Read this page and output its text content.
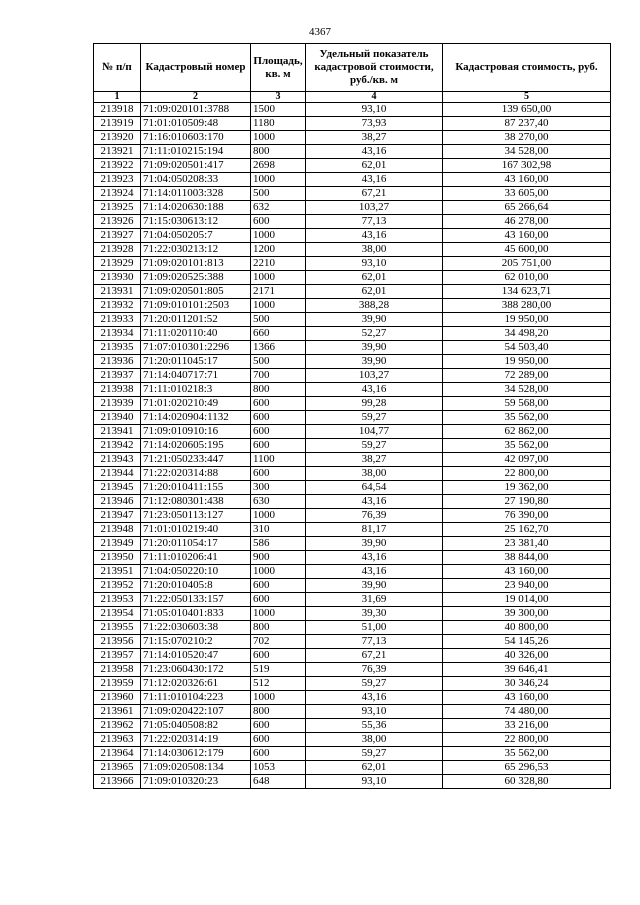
4367
№ п/п	Кадастровый номер	Площадь, кв. м	Удельный показатель кадастровой стоимости, руб./кв. м	Кадастровая стоимость, руб.
1	2	3	4	5
213918	71:09:020101:3788	1500	93,10	139 650,00
213919	71:01:010509:48	1180	73,93	87 237,40
213920	71:16:010603:170	1000	38,27	38 270,00
213921	71:11:010215:194	800	43,16	34 528,00
213922	71:09:020501:417	2698	62,01	167 302,98
213923	71:04:050208:33	1000	43,16	43 160,00
213924	71:14:011003:328	500	67,21	33 605,00
213925	71:14:020630:188	632	103,27	65 266,64
213926	71:15:030613:12	600	77,13	46 278,00
213927	71:04:050205:7	1000	43,16	43 160,00
213928	71:22:030213:12	1200	38,00	45 600,00
213929	71:09:020101:813	2210	93,10	205 751,00
213930	71:09:020525:388	1000	62,01	62 010,00
213931	71:09:020501:805	2171	62,01	134 623,71
213932	71:09:010101:2503	1000	388,28	388 280,00
213933	71:20:011201:52	500	39,90	19 950,00
213934	71:11:020110:40	660	52,27	34 498,20
213935	71:07:010301:2296	1366	39,90	54 503,40
213936	71:20:011045:17	500	39,90	19 950,00
213937	71:14:040717:71	700	103,27	72 289,00
213938	71:11:010218:3	800	43,16	34 528,00
213939	71:01:020210:49	600	99,28	59 568,00
213940	71:14:020904:1132	600	59,27	35 562,00
213941	71:09:010910:16	600	104,77	62 862,00
213942	71:14:020605:195	600	59,27	35 562,00
213943	71:21:050233:447	1100	38,27	42 097,00
213944	71:22:020314:88	600	38,00	22 800,00
213945	71:20:010411:155	300	64,54	19 362,00
213946	71:12:080301:438	630	43,16	27 190,80
213947	71:23:050113:127	1000	76,39	76 390,00
213948	71:01:010219:40	310	81,17	25 162,70
213949	71:20:011054:17	586	39,90	23 381,40
213950	71:11:010206:41	900	43,16	38 844,00
213951	71:04:050220:10	1000	43,16	43 160,00
213952	71:20:010405:8	600	39,90	23 940,00
213953	71:22:050133:157	600	31,69	19 014,00
213954	71:05:010401:833	1000	39,30	39 300,00
213955	71:22:030603:38	800	51,00	40 800,00
213956	71:15:070210:2	702	77,13	54 145,26
213957	71:14:010520:47	600	67,21	40 326,00
213958	71:23:060430:172	519	76,39	39 646,41
213959	71:12:020326:61	512	59,27	30 346,24
213960	71:11:010104:223	1000	43,16	43 160,00
213961	71:09:020422:107	800	93,10	74 480,00
213962	71:05:040508:82	600	55,36	33 216,00
213963	71:22:020314:19	600	38,00	22 800,00
213964	71:14:030612:179	600	59,27	35 562,00
213965	71:09:020508:134	1053	62,01	65 296,53
213966	71:09:010320:23	648	93,10	60 328,80
